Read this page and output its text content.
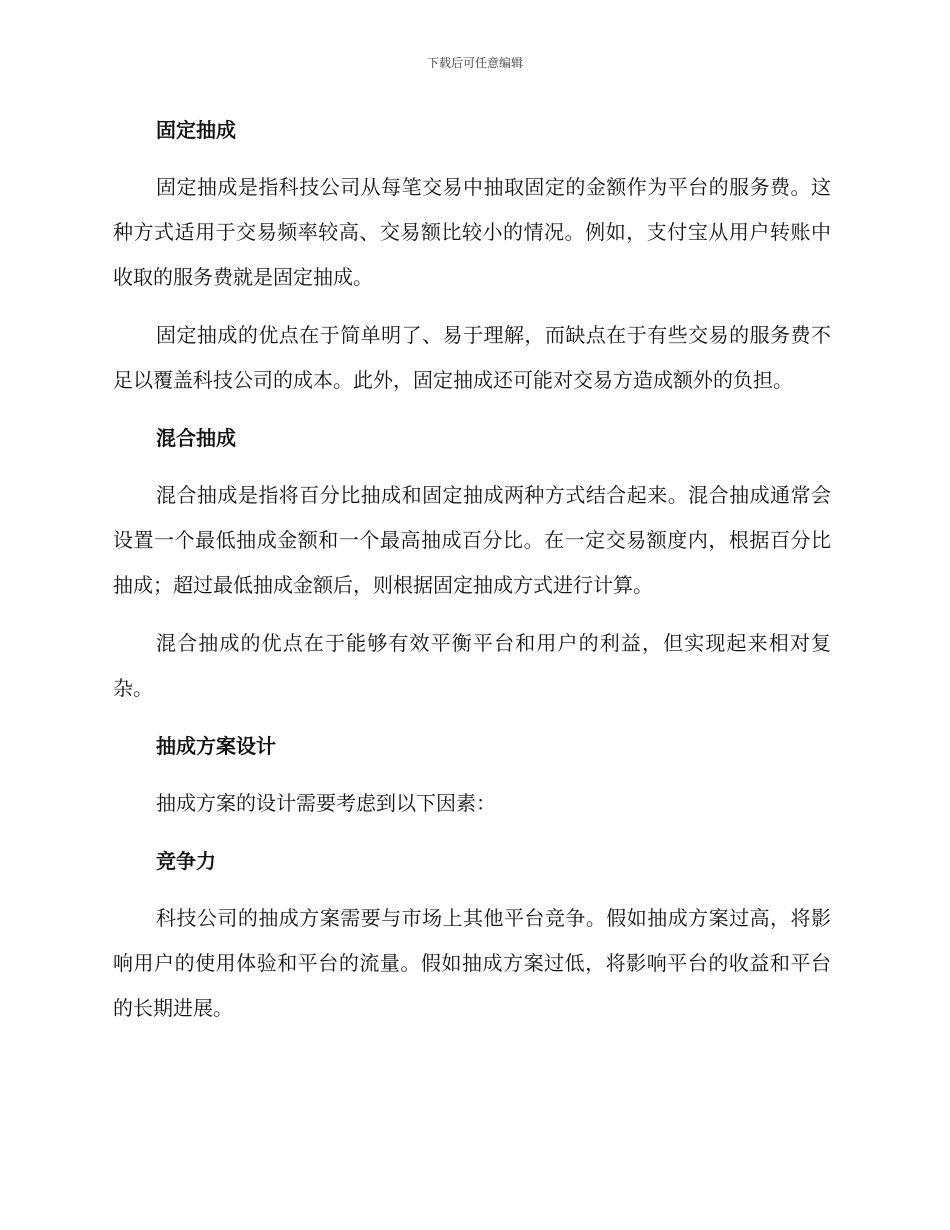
下载后可任意编辑
固定抽成

固定抽成是指科技公司从每笔交易中抽取固定的金额作为平台的服务费。这种方式适用于交易频率较高、交易额比较小的情况。例如，支付宝从用户转账中收取的服务费就是固定抽成。

固定抽成的优点在于简单明了、易于理解，而缺点在于有些交易的服务费不足以覆盖科技公司的成本。此外，固定抽成还可能对交易方造成额外的负担。

混合抽成

混合抽成是指将百分比抽成和固定抽成两种方式结合起来。混合抽成通常会设置一个最低抽成金额和一个最高抽成百分比。在一定交易额度内，根据百分比抽成；超过最低抽成金额后，则根据固定抽成方式进行计算。

混合抽成的优点在于能够有效平衡平台和用户的利益，但实现起来相对复杂。

抽成方案设计

抽成方案的设计需要考虑到以下因素：

竞争力

科技公司的抽成方案需要与市场上其他平台竞争。假如抽成方案过高，将影响用户的使用体验和平台的流量。假如抽成方案过低，将影响平台的收益和平台的长期进展。
